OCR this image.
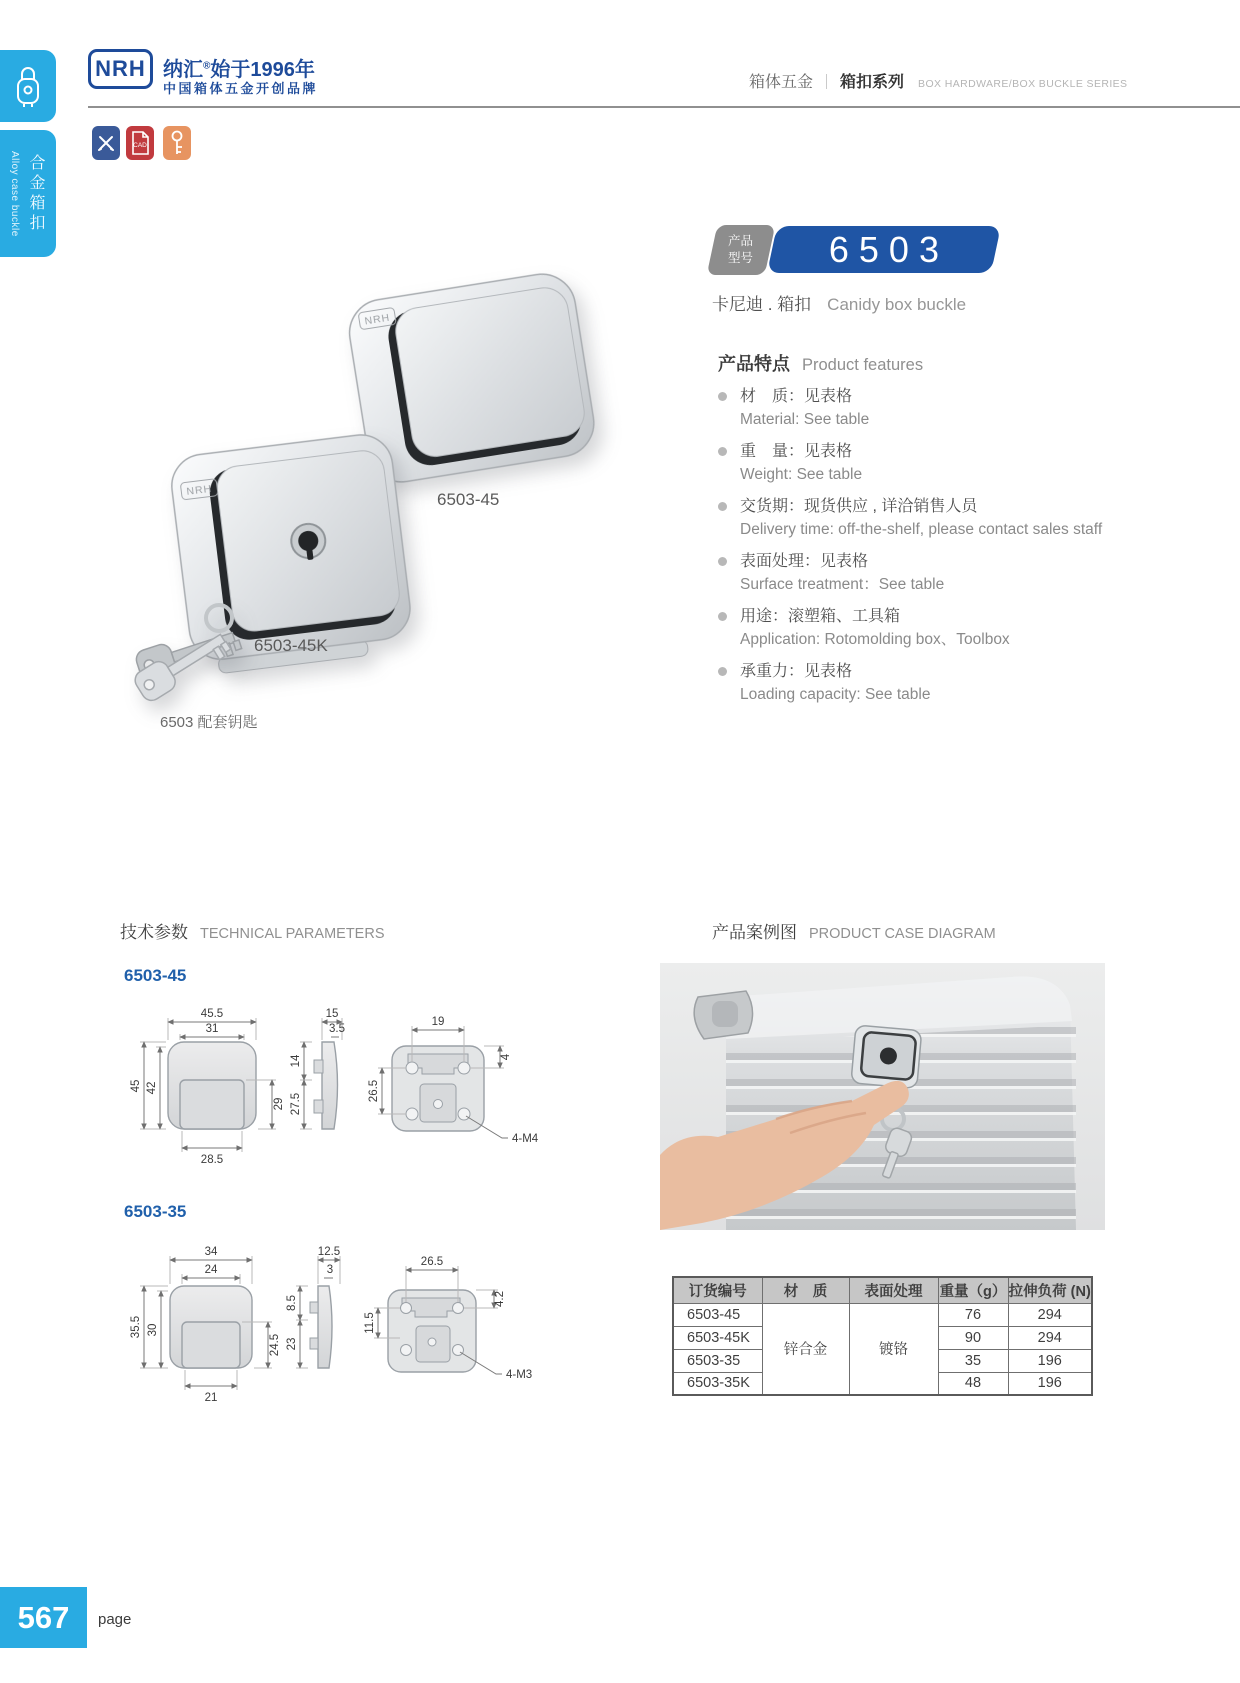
Alloy case buckle 合金箱扣
NRH 纳汇®始于1996年
中国箱体五金开创品牌	箱体五金 ｜ 箱扣系列 BOX HARDWARE/BOX BUCKLE SERIES
CAD
NRH
6503-45
NRH
6503-45K
6503 配套钥匙
产品
型号 6503
卡尼迪 . 箱扣 Canidy box buckle
产品特点 Product features
材　质：见表格
Material: See table
重　量：见表格
Weight: See table
交货期：现货供应 , 详洽销售人员
Delivery time: off-the-shelf, please contact sales staff
表面处理：见表格
Surface treatment：See table
用途：滚塑箱、工具箱
Application: Rotomolding box、Toolbox
承重力：见表格
Loading capacity: See table
技术参数 TECHNICAL PARAMETERS
6503-45
45.5
31
45 42
29
28.5
15
3.5
14
27.5
19
26.5
4
4-M4
6503-35
34
24
35.5 30
24.5
21
12.5
3
8.5
23
26.5
11.5
4.2
4-M3
产品案例图 PRODUCT CASE DIAGRAM
订货编号	材　质	表面处理	重量（g）	拉伸负荷 (N)
6503-45	锌合金	镀铬	76	294
6503-45K			90	294
6503-35			35	196
6503-35K			48	196
567 page
